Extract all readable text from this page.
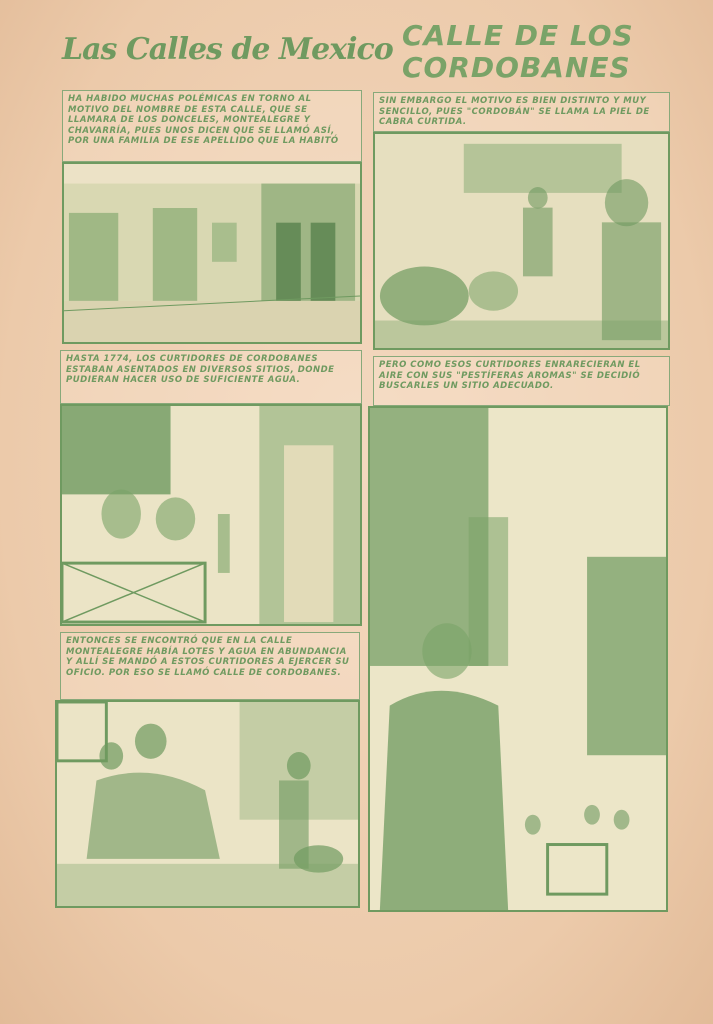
Las Calles de Mexico CALLE DE LOS
CORDOBANES
HA HABIDO MUCHAS POLÉMICAS EN TORNO AL MOTIVO DEL NOMBRE DE ESTA CALLE, QUE SE LLAMARA DE LOS DONCELES, MONTEALEGRE Y CHAVARRÍA, PUES UNOS DICEN QUE SE LLAMÓ ASÍ, POR UNA FAMILIA DE ESE APELLIDO QUE LA HABITÓ
SIN EMBARGO EL MOTIVO ES BIEN DISTINTO Y MUY SENCILLO, PUES "CORDOBÁN" SE LLAMA LA PIEL DE CABRA CURTIDA.
HASTA 1774, LOS CURTIDORES DE CORDOBANES ESTABAN ASENTADOS EN DIVERSOS SITIOS, DONDE PUDIERAN HACER USO DE SUFICIENTE AGUA.
PERO COMO ESOS CURTIDORES ENRARECIERAN EL AIRE CON SUS "PESTÍFERAS AROMAS" SE DECIDIÓ BUSCARLES UN SITIO ADECUADO.
ENTONCES SE ENCONTRÓ QUE EN LA CALLE MONTEALEGRE HABÍA LOTES Y AGUA EN ABUNDANCIA Y ALLÍ SE MANDÓ A ESTOS CURTIDORES A EJERCER SU OFICIO. POR ESO SE LLAMÓ CALLE DE CORDOBANES.
